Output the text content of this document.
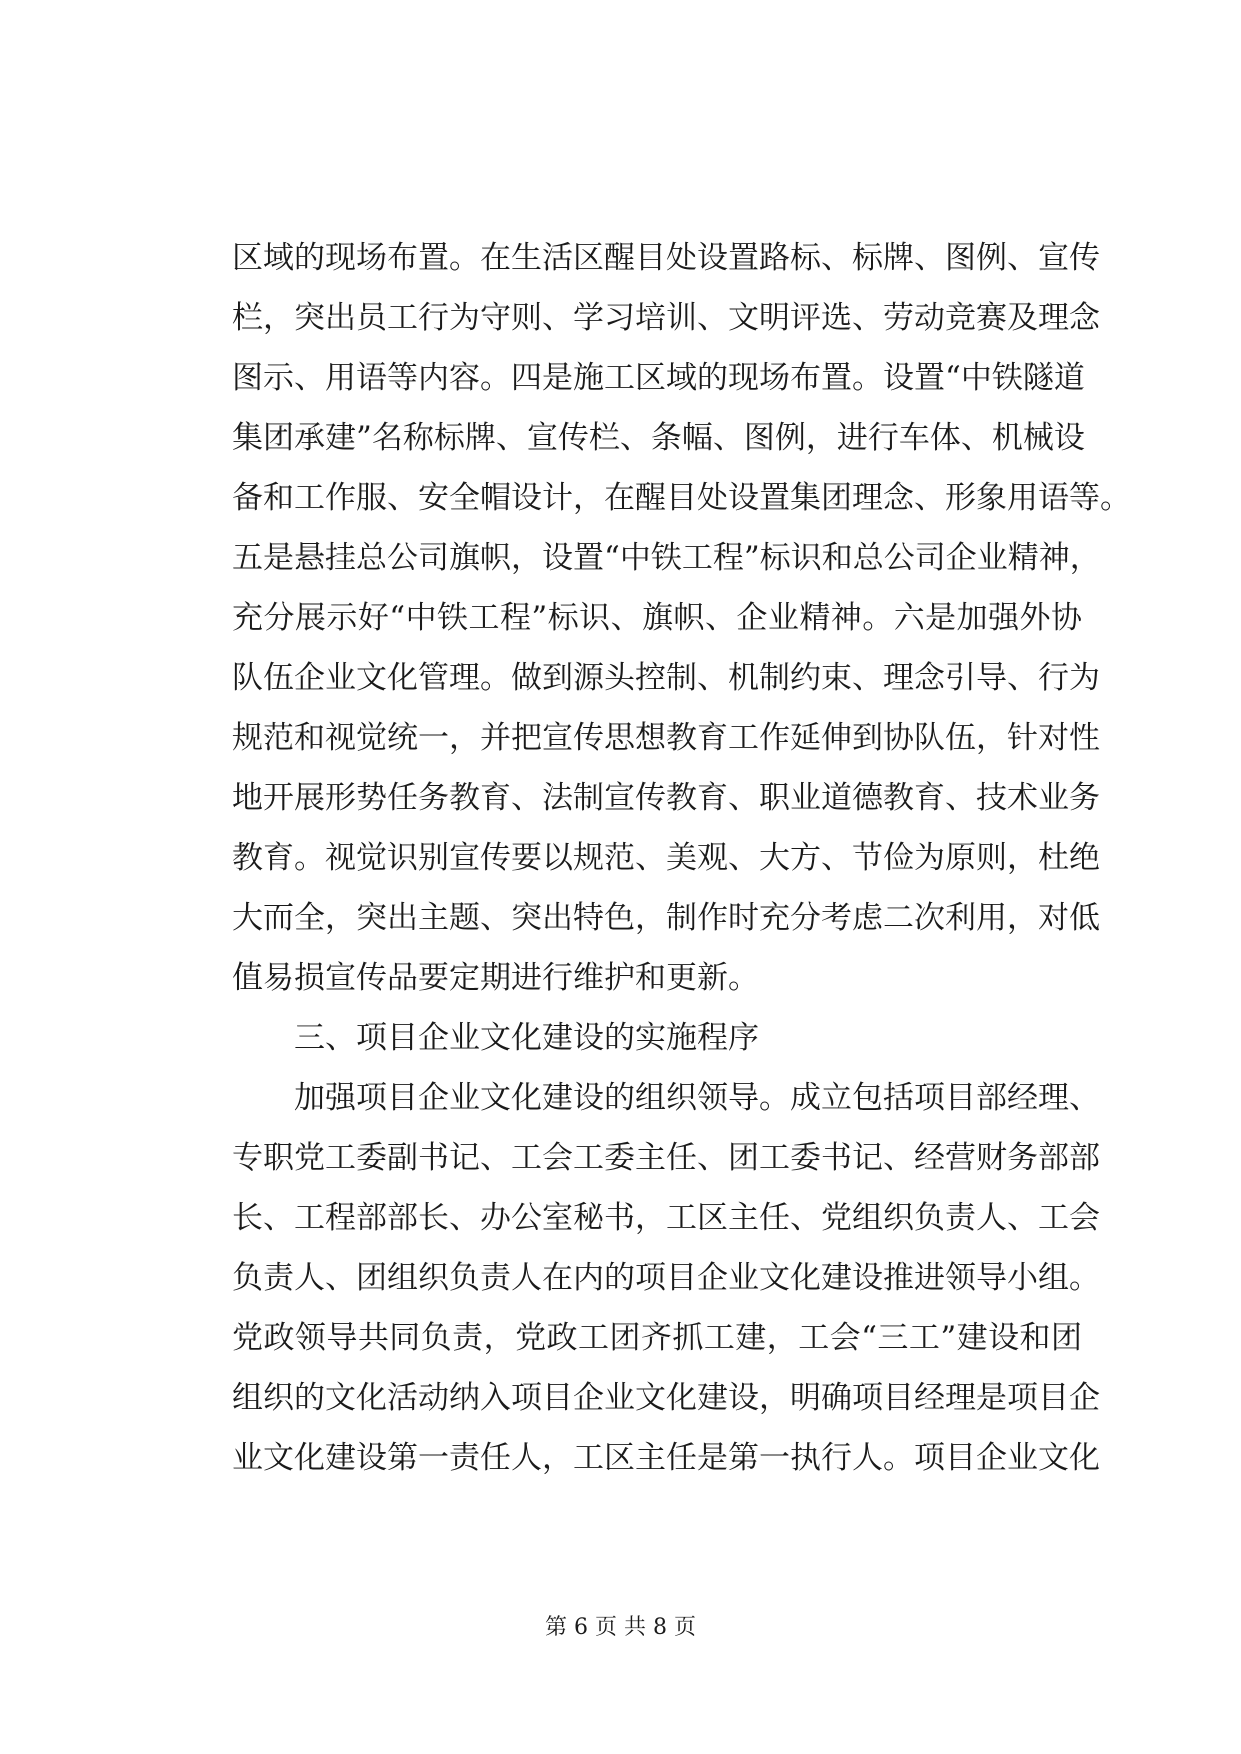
区域的现场布置。在生活区醒目处设置路标、标牌、图例、宣传
栏，突出员工行为守则、学习培训、文明评选、劳动竞赛及理念
图示、用语等内容。四是施工区域的现场布置。设置“中铁隧道
集团承建”名称标牌、宣传栏、条幅、图例，进行车体、机械设
备和工作服、安全帽设计，在醒目处设置集团理念、形象用语等。
五是悬挂总公司旗帜，设置“中铁工程”标识和总公司企业精神，
充分展示好“中铁工程”标识、旗帜、企业精神。六是加强外协
队伍企业文化管理。做到源头控制、机制约束、理念引导、行为
规范和视觉统一，并把宣传思想教育工作延伸到协队伍，针对性
地开展形势任务教育、法制宣传教育、职业道德教育、技术业务
教育。视觉识别宣传要以规范、美观、大方、节俭为原则，杜绝
大而全，突出主题、突出特色，制作时充分考虑二次利用，对低
值易损宣传品要定期进行维护和更新。
三、项目企业文化建设的实施程序
加强项目企业文化建设的组织领导。成立包括项目部经理、
专职党工委副书记、工会工委主任、团工委书记、经营财务部部
长、工程部部长、办公室秘书，工区主任、党组织负责人、工会
负责人、团组织负责人在内的项目企业文化建设推进领导小组。
党政领导共同负责，党政工团齐抓工建，工会“三工”建设和团
组织的文化活动纳入项目企业文化建设，明确项目经理是项目企
业文化建设第一责任人，工区主任是第一执行人。项目企业文化
第 6 页 共 8 页
